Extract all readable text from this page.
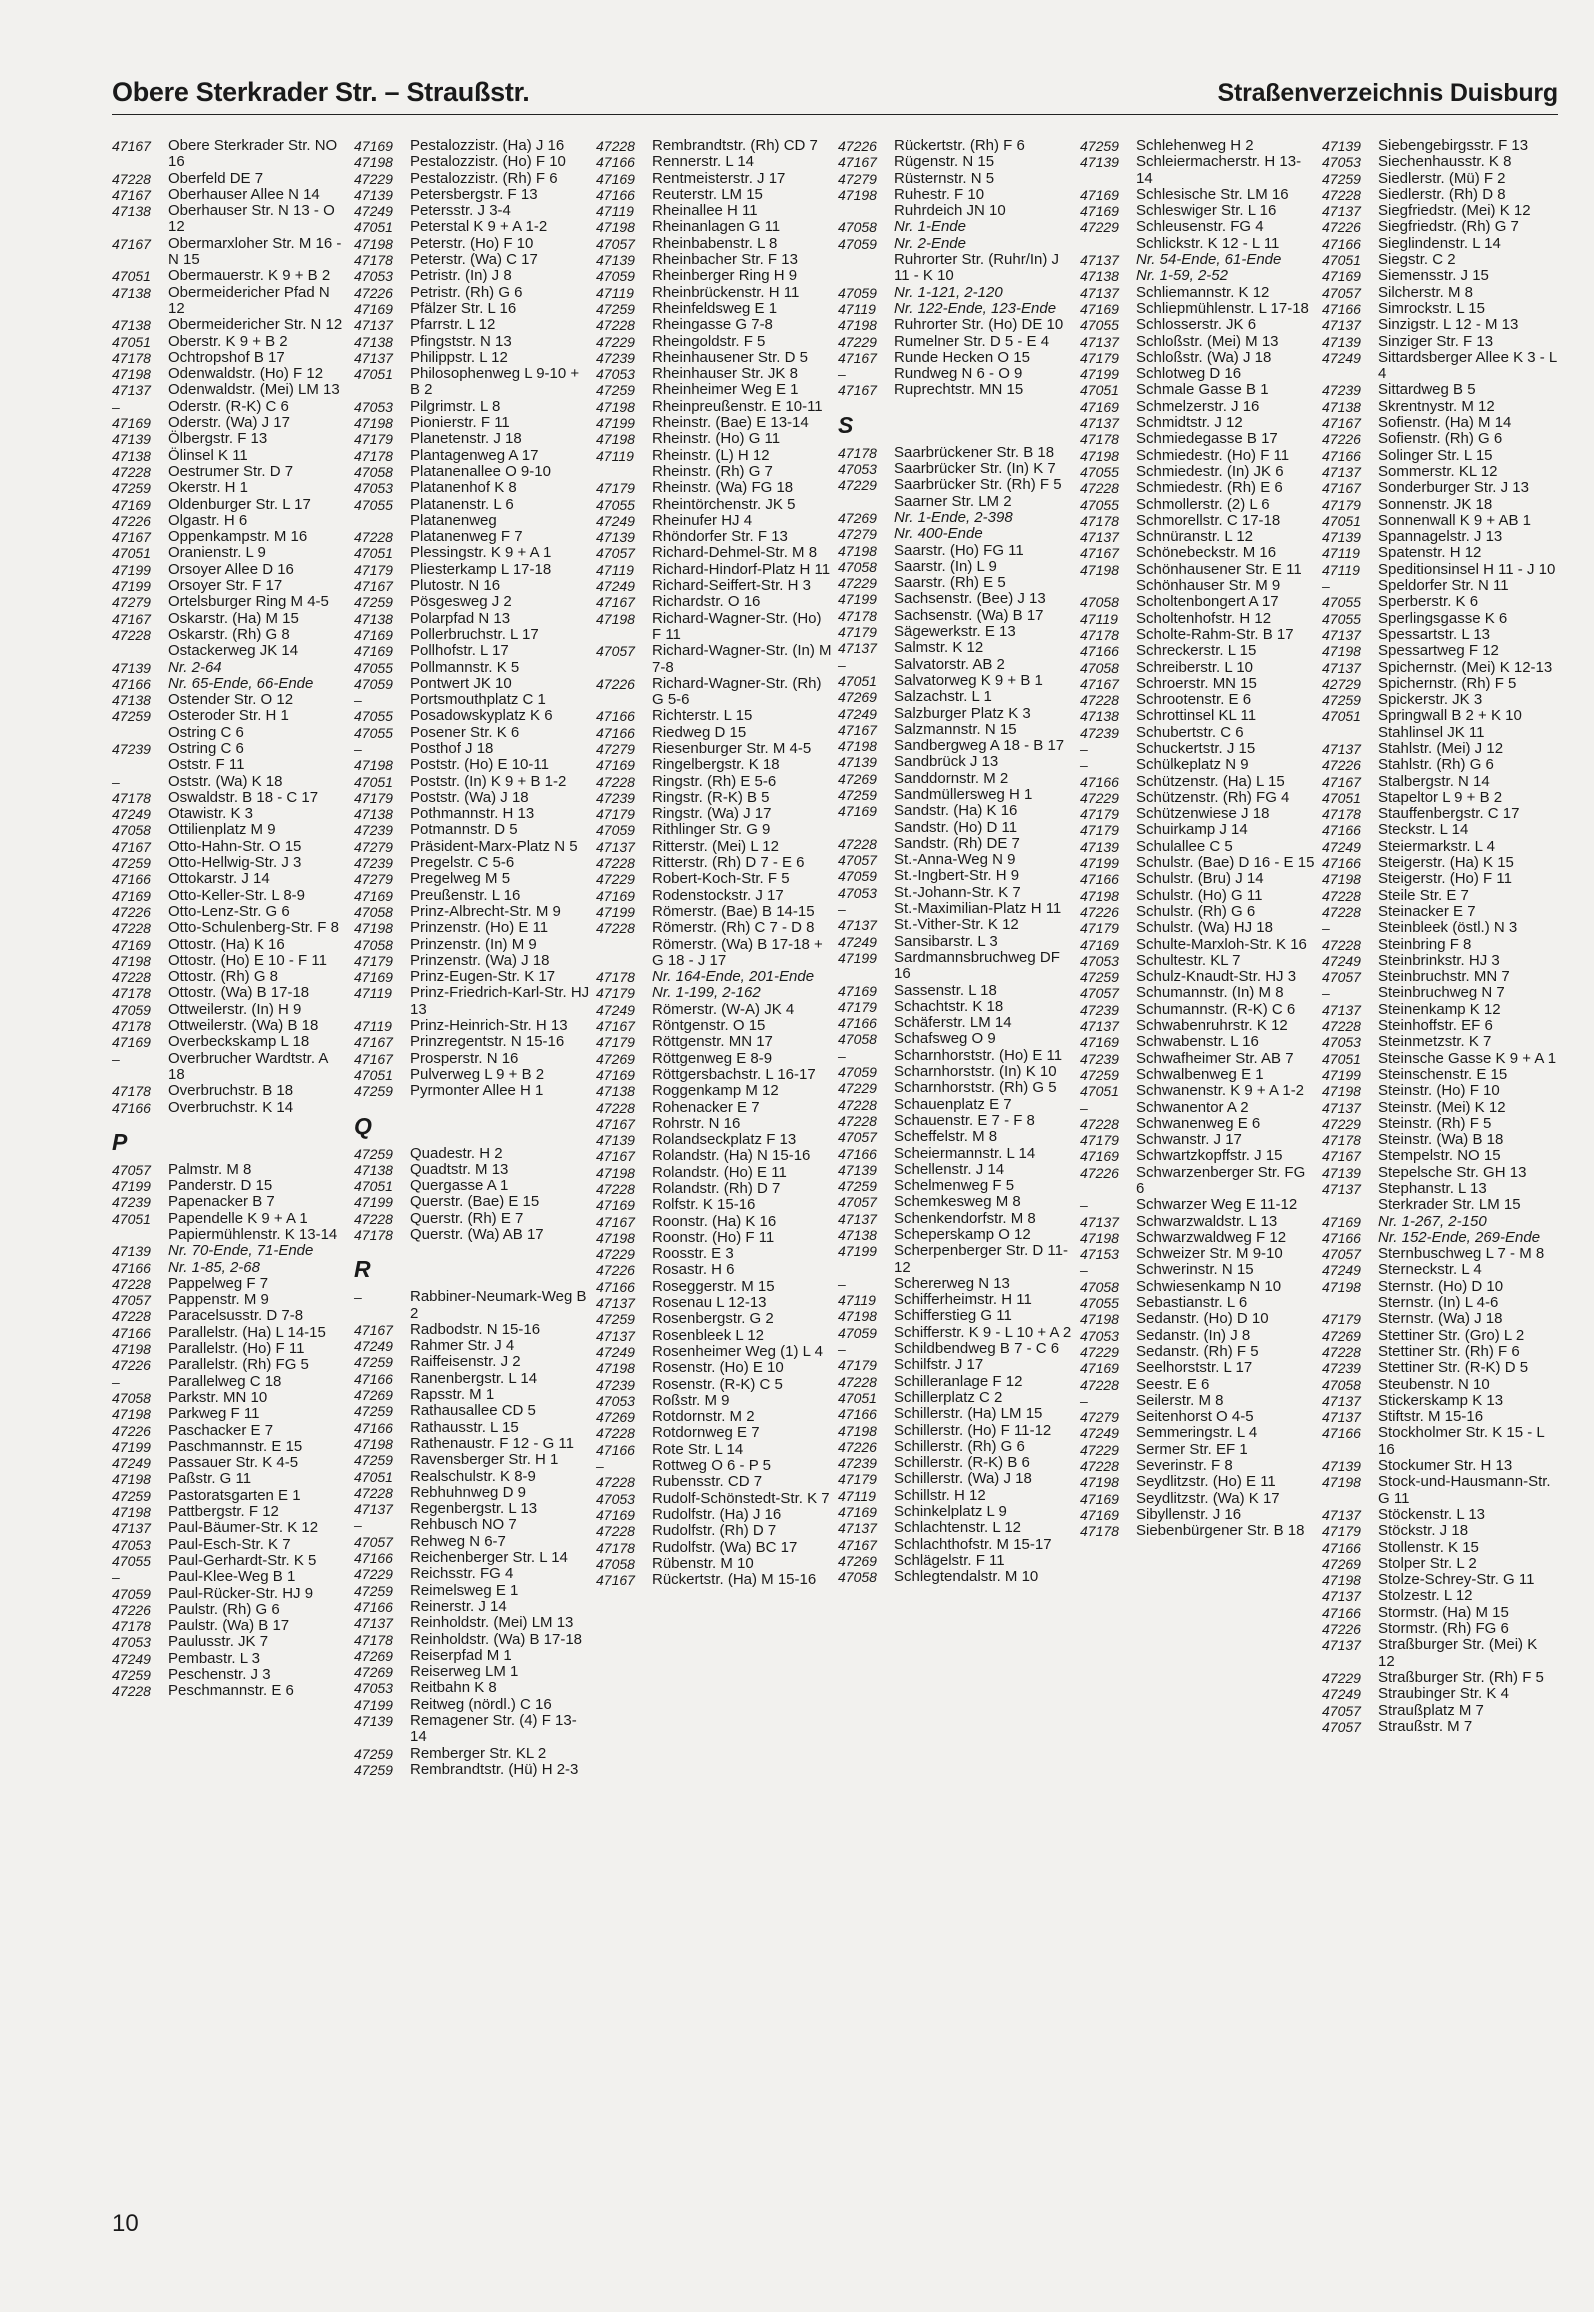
Obere Sterkrader Str. – Straußstr.	Straßenverzeichnis Duisburg
47167	Obere Sterkrader Str. NO 16
47228	Oberfeld DE 7
47167	Oberhauser Allee N 14
47138	Oberhauser Str. N 13 - O 12
47167	Obermarxloher Str. M 16 - N 15
47051	Obermauerstr. K 9 + B 2
47138	Obermeidericher Pfad N 12
47138	Obermeidericher Str. N 12
47051	Oberstr. K 9 + B 2
47178	Ochtropshof B 17
47198	Odenwaldstr. (Ho) F 12
47137	Odenwaldstr. (Mei) LM 13
–	Oderstr. (R-K) C 6
47169	Oderstr. (Wa) J 17
47139	Ölbergstr. F 13
47138	Ölinsel K 11
47228	Oestrumer Str. D 7
47259	Okerstr. H 1
47169	Oldenburger Str. L 17
47226	Olgastr. H 6
47167	Oppenkampstr. M 16
47051	Oranienstr. L 9
47199	Orsoyer Allee D 16
47199	Orsoyer Str. F 17
47279	Ortelsburger Ring M 4-5
47167	Oskarstr. (Ha) M 15
47228	Oskarstr. (Rh) G 8
Ostackerweg JK 14
47139	Nr. 2-64
47166	Nr. 65-Ende, 66-Ende
47138	Ostender Str. O 12
47259	Osteroder Str. H 1
Ostring C 6
47239	Ostring C 6
Oststr. F 11
–	Oststr. (Wa) K 18
47178	Oswaldstr. B 18 - C 17
47249	Otawistr. K 3
47058	Ottilienplatz M 9
47167	Otto-Hahn-Str. O 15
47259	Otto-Hellwig-Str. J 3
47166	Ottokarstr. J 14
47169	Otto-Keller-Str. L 8-9
47226	Otto-Lenz-Str. G 6
47228	Otto-Schulenberg-Str. F 8
47169	Ottostr. (Ha) K 16
47198	Ottostr. (Ho) E 10 - F 11
47228	Ottostr. (Rh) G 8
47178	Ottostr. (Wa) B 17-18
47059	Ottweilerstr. (In) H 9
47178	Ottweilerstr. (Wa) B 18
47169	Overbeckskamp L 18
–	Overbrucher Wardtstr. A 18
47178	Overbruchstr. B 18
47166	Overbruchstr. K 14
P
47057	Palmstr. M 8
47199	Panderstr. D 15
47239	Papenacker B 7
47051	Papendelle K 9 + A 1
Papiermühlenstr. K 13-14
47139	Nr. 70-Ende, 71-Ende
47166	Nr. 1-85, 2-68
47228	Pappelweg F 7
47057	Pappenstr. M 9
47228	Paracelsusstr. D 7-8
47166	Parallelstr. (Ha) L 14-15
47198	Parallelstr. (Ho) F 11
47226	Parallelstr. (Rh) FG 5
–	Parallelweg C 18
47058	Parkstr. MN 10
47198	Parkweg F 11
47226	Paschacker E 7
47199	Paschmannstr. E 15
47249	Passauer Str. K 4-5
47198	Paßstr. G 11
47259	Pastoratsgarten E 1
47198	Pattbergstr. F 12
47137	Paul-Bäumer-Str. K 12
47053	Paul-Esch-Str. K 7
47055	Paul-Gerhardt-Str. K 5
–	Paul-Klee-Weg B 1
47059	Paul-Rücker-Str. HJ 9
47226	Paulstr. (Rh) G 6
47178	Paulstr. (Wa) B 17
47053	Paulusstr. JK 7
47249	Pembastr. L 3
47259	Peschenstr. J 3
47228	Peschmannstr. E 6
47169	Pestalozzistr. (Ha) J 16
47198	Pestalozzistr. (Ho) F 10
47229	Pestalozzistr. (Rh) F 6
47139	Petersbergstr. F 13
47249	Petersstr. J 3-4
47051	Peterstal K 9 + A 1-2
47198	Peterstr. (Ho) F 10
47178	Peterstr. (Wa) C 17
47053	Petristr. (In) J 8
47226	Petristr. (Rh) G 6
47169	Pfälzer Str. L 16
47137	Pfarrstr. L 12
47138	Pfingststr. N 13
47137	Philippstr. L 12
47051	Philosophenweg L 9-10 + B 2
47053	Pilgrimstr. L 8
47198	Pionierstr. F 11
47179	Planetenstr. J 18
47178	Plantagenweg A 17
47058	Platanenallee O 9-10
47053	Platanenhof K 8
47055	Platanenstr. L 6
Platanenweg
47228	Platanenweg F 7
47051	Plessingstr. K 9 + A 1
47179	Pliesterkamp L 17-18
47167	Plutostr. N 16
47259	Pösgesweg J 2
47138	Polarpfad N 13
47169	Pollerbruchstr. L 17
47169	Pollhofstr. L 17
47055	Pollmannstr. K 5
47059	Pontwert JK 10
–	Portsmouthplatz C 1
47055	Posadowskyplatz K 6
47055	Posener Str. K 6
–	Posthof J 18
47198	Poststr. (Ho) E 10-11
47051	Poststr. (In) K 9 + B 1-2
47179	Poststr. (Wa) J 18
47138	Pothmannstr. H 13
47239	Potmannstr. D 5
47279	Präsident-Marx-Platz N 5
47239	Pregelstr. C 5-6
47279	Pregelweg M 5
47169	Preußenstr. L 16
47058	Prinz-Albrecht-Str. M 9
47198	Prinzenstr. (Ho) E 11
47058	Prinzenstr. (In) M 9
47179	Prinzenstr. (Wa) J 18
47169	Prinz-Eugen-Str. K 17
47119	Prinz-Friedrich-Karl-Str. HJ 13
47119	Prinz-Heinrich-Str. H 13
47167	Prinzregentstr. N 15-16
47167	Prosperstr. N 16
47051	Pulverweg L 9 + B 2
47259	Pyrmonter Allee H 1
Q
47259	Quadestr. H 2
47138	Quadtstr. M 13
47051	Quergasse A 1
47199	Querstr. (Bae) E 15
47228	Querstr. (Rh) E 7
47178	Querstr. (Wa) AB 17
R
–	Rabbiner-Neumark-Weg B 2
47167	Radbodstr. N 15-16
47249	Rahmer Str. J 4
47259	Raiffeisenstr. J 2
47166	Ranenbergstr. L 14
47269	Rapsstr. M 1
47259	Rathausallee CD 5
47166	Rathausstr. L 15
47198	Rathenaustr. F 12 - G 11
47259	Ravensberger Str. H 1
47051	Realschulstr. K 8-9
47228	Rebhuhnweg D 9
47137	Regenbergstr. L 13
–	Rehbusch NO 7
47057	Rehweg N 6-7
47166	Reichenberger Str. L 14
47229	Reichsstr. FG 4
47259	Reimelsweg E 1
47166	Reinerstr. J 14
47137	Reinholdstr. (Mei) LM 13
47178	Reinholdstr. (Wa) B 17-18
47269	Reiserpfad M 1
47269	Reiserweg LM 1
47053	Reitbahn K 8
47199	Reitweg (nördl.) C 16
47139	Remagener Str. (4) F 13-14
47259	Remberger Str. KL 2
47259	Rembrandtstr. (Hü) H 2-3
47228	Rembrandtstr. (Rh) CD 7
47166	Rennerstr. L 14
47169	Rentmeisterstr. J 17
47166	Reuterstr. LM 15
47119	Rheinallee H 11
47198	Rheinanlagen G 11
47057	Rheinbabenstr. L 8
47139	Rheinbacher Str. F 13
47059	Rheinberger Ring H 9
47119	Rheinbrückenstr. H 11
47259	Rheinfeldsweg E 1
47228	Rheingasse G 7-8
47229	Rheingoldstr. F 5
47239	Rheinhausener Str. D 5
47053	Rheinhauser Str. JK 8
47259	Rheinheimer Weg E 1
47198	Rheinpreußenstr. E 10-11
47199	Rheinstr. (Bae) E 13-14
47198	Rheinstr. (Ho) G 11
47119	Rheinstr. (L) H 12
Rheinstr. (Rh) G 7
47179	Rheinstr. (Wa) FG 18
47055	Rheintörchenstr. JK 5
47249	Rheinufer HJ 4
47139	Rhöndorfer Str. F 13
47057	Richard-Dehmel-Str. M 8
47119	Richard-Hindorf-Platz H 11
47249	Richard-Seiffert-Str. H 3
47167	Richardstr. O 16
47198	Richard-Wagner-Str. (Ho) F 11
47057	Richard-Wagner-Str. (In) M 7-8
47226	Richard-Wagner-Str. (Rh) G 5-6
47166	Richterstr. L 15
47166	Riedweg D 15
47279	Riesenburger Str. M 4-5
47169	Ringelbergstr. K 18
47228	Ringstr. (Rh) E 5-6
47239	Ringstr. (R-K) B 5
47179	Ringstr. (Wa) J 17
47059	Rithlinger Str. G 9
47137	Ritterstr. (Mei) L 12
47228	Ritterstr. (Rh) D 7 - E 6
47229	Robert-Koch-Str. F 5
47169	Rodenstockstr. J 17
47199	Römerstr. (Bae) B 14-15
47228	Römerstr. (Rh) C 7 - D 8
Römerstr. (Wa) B 17-18 + G 18 - J 17
47178	Nr. 164-Ende, 201-Ende
47179	Nr. 1-199, 2-162
47249	Römerstr. (W-A) JK 4
47167	Röntgenstr. O 15
47179	Röttgenstr. MN 17
47269	Röttgenweg E 8-9
47169	Röttgersbachstr. L 16-17
47138	Roggenkamp M 12
47228	Rohenacker E 7
47167	Rohrstr. N 16
47139	Rolandseckplatz F 13
47167	Rolandstr. (Ha) N 15-16
47198	Rolandstr. (Ho) E 11
47228	Rolandstr. (Rh) D 7
47169	Rolfstr. K 15-16
47167	Roonstr. (Ha) K 16
47198	Roonstr. (Ho) F 11
47229	Roosstr. E 3
47226	Rosastr. H 6
47166	Roseggerstr. M 15
47137	Rosenau L 12-13
47259	Rosenbergstr. G 2
47137	Rosenbleek L 12
47249	Rosenheimer Weg (1) L 4
47198	Rosenstr. (Ho) E 10
47239	Rosenstr. (R-K) C 5
47053	Roßstr. M 9
47269	Rotdornstr. M 2
47228	Rotdornweg E 7
47166	Rote Str. L 14
–	Rottweg O 6 - P 5
47228	Rubensstr. CD 7
47053	Rudolf-Schönstedt-Str. K 7
47169	Rudolfstr. (Ha) J 16
47228	Rudolfstr. (Rh) D 7
47178	Rudolfstr. (Wa) BC 17
47058	Rübenstr. M 10
47167	Rückertstr. (Ha) M 15-16
47226	Rückertstr. (Rh) F 6
47167	Rügenstr. N 15
47279	Rüsternstr. N 5
47198	Ruhestr. F 10
Ruhrdeich JN 10
47058	Nr. 1-Ende
47059	Nr. 2-Ende
Ruhrorter Str. (Ruhr/In) J 11 - K 10
47059	Nr. 1-121, 2-120
47119	Nr. 122-Ende, 123-Ende
47198	Ruhrorter Str. (Ho) DE 10
47229	Rumelner Str. D 5 - E 4
47167	Runde Hecken O 15
–	Rundweg N 6 - O 9
47167	Ruprechtstr. MN 15
S
47178	Saarbrückener Str. B 18
47053	Saarbrücker Str. (In) K 7
47229	Saarbrücker Str. (Rh) F 5
Saarner Str. LM 2
47269	Nr. 1-Ende, 2-398
47279	Nr. 400-Ende
47198	Saarstr. (Ho) FG 11
47058	Saarstr. (In) L 9
47229	Saarstr. (Rh) E 5
47199	Sachsenstr. (Bee) J 13
47178	Sachsenstr. (Wa) B 17
47179	Sägewerkstr. E 13
47137	Salmstr. K 12
–	Salvatorstr. AB 2
47051	Salvatorweg K 9 + B 1
47269	Salzachstr. L 1
47249	Salzburger Platz K 3
47167	Salzmannstr. N 15
47198	Sandbergweg A 18 - B 17
47139	Sandbrück J 13
47269	Sanddornstr. M 2
47259	Sandmüllersweg H 1
47169	Sandstr. (Ha) K 16
Sandstr. (Ho) D 11
47228	Sandstr. (Rh) DE 7
47057	St.-Anna-Weg N 9
47059	St.-Ingbert-Str. H 9
47053	St.-Johann-Str. K 7
–	St.-Maximilian-Platz H 11
47137	St.-Vither-Str. K 12
47249	Sansibarstr. L 3
47199	Sardmannsbruchweg DF 16
47169	Sassenstr. L 18
47179	Schachtstr. K 18
47166	Schäferstr. LM 14
47058	Schafsweg O 9
–	Scharnhorststr. (Ho) E 11
47059	Scharnhorststr. (In) K 10
47229	Scharnhorststr. (Rh) G 5
47228	Schauenplatz E 7
47228	Schauenstr. E 7 - F 8
47057	Scheffelstr. M 8
47166	Scheiermannstr. L 14
47139	Schellenstr. J 14
47259	Schelmenweg F 5
47057	Schemkesweg M 8
47137	Schenkendorfstr. M 8
47138	Scheperskamp O 12
47199	Scherpenberger Str. D 11-12
–	Schererweg N 13
47119	Schifferheimstr. H 11
47198	Schifferstieg G 11
47059	Schifferstr. K 9 - L 10 + A 2
–	Schildbendweg B 7 - C 6
47179	Schilfstr. J 17
47228	Schilleranlage F 12
47051	Schillerplatz C 2
47166	Schillerstr. (Ha) LM 15
47198	Schillerstr. (Ho) F 11-12
47226	Schillerstr. (Rh) G 6
47239	Schillerstr. (R-K) B 6
47179	Schillerstr. (Wa) J 18
47119	Schillstr. H 12
47169	Schinkelplatz L 9
47137	Schlachtenstr. L 12
47167	Schlachthofstr. M 15-17
47269	Schlägelstr. F 11
47058	Schlegtendalstr. M 10
47259	Schlehenweg H 2
47139	Schleiermacherstr. H 13-14
47169	Schlesische Str. LM 16
47169	Schleswiger Str. L 16
47229	Schleusenstr. FG 4
Schlickstr. K 12 - L 11
47137	Nr. 54-Ende, 61-Ende
47138	Nr. 1-59, 2-52
47137	Schliemannstr. K 12
47169	Schliepmühlenstr. L 17-18
47055	Schlosserstr. JK 6
47137	Schloßstr. (Mei) M 13
47179	Schloßstr. (Wa) J 18
47199	Schlotweg D 16
47051	Schmale Gasse B 1
47169	Schmelzerstr. J 16
47137	Schmidtstr. J 12
47178	Schmiedegasse B 17
47198	Schmiedestr. (Ho) F 11
47055	Schmiedestr. (In) JK 6
47228	Schmiedestr. (Rh) E 6
47055	Schmollerstr. (2) L 6
47178	Schmorellstr. C 17-18
47137	Schnüranstr. L 12
47167	Schönebeckstr. M 16
47198	Schönhausener Str. E 11
Schönhauser Str. M 9
47058	Scholtenbongert A 17
47119	Scholtenhofstr. H 12
47178	Scholte-Rahm-Str. B 17
47166	Schreckerstr. L 15
47058	Schreiberstr. L 10
47167	Schroerstr. MN 15
47228	Schrootenstr. E 6
47138	Schrottinsel KL 11
47239	Schubertstr. C 6
–	Schuckertstr. J 15
–	Schülkeplatz N 9
47166	Schützenstr. (Ha) L 15
47229	Schützenstr. (Rh) FG 4
47179	Schützenwiese J 18
47179	Schuirkamp J 14
47139	Schulallee C 5
47199	Schulstr. (Bae) D 16 - E 15
47166	Schulstr. (Bru) J 14
47198	Schulstr. (Ho) G 11
47226	Schulstr. (Rh) G 6
47179	Schulstr. (Wa) HJ 18
47169	Schulte-Marxloh-Str. K 16
47053	Schultestr. KL 7
47259	Schulz-Knaudt-Str. HJ 3
47057	Schumannstr. (In) M 8
47239	Schumannstr. (R-K) C 6
47137	Schwabenruhrstr. K 12
47169	Schwabenstr. L 16
47239	Schwafheimer Str. AB 7
47259	Schwalbenweg E 1
47051	Schwanenstr. K 9 + A 1-2
–	Schwanentor A 2
47228	Schwanenweg E 6
47179	Schwanstr. J 17
47169	Schwartzkopffstr. J 15
47226	Schwarzenberger Str. FG 6
–	Schwarzer Weg E 11-12
47137	Schwarzwaldstr. L 13
47198	Schwarzwaldweg F 12
47153	Schweizer Str. M 9-10
–	Schwerinstr. N 15
47058	Schwiesenkamp N 10
47055	Sebastianstr. L 6
47198	Sedanstr. (Ho) D 10
47053	Sedanstr. (In) J 8
47229	Sedanstr. (Rh) F 5
47169	Seelhorststr. L 17
47228	Seestr. E 6
–	Seilerstr. M 8
47279	Seitenhorst O 4-5
47249	Semmeringstr. L 4
47229	Sermer Str. EF 1
47228	Severinstr. F 8
47198	Seydlitzstr. (Ho) E 11
47169	Seydlitzstr. (Wa) K 17
47169	Sibyllenstr. J 16
47178	Siebenbürgener Str. B 18
47139	Siebengebirgsstr. F 13
47053	Siechenhausstr. K 8
47259	Siedlerstr. (Mü) F 2
47228	Siedlerstr. (Rh) D 8
47137	Siegfriedstr. (Mei) K 12
47226	Siegfriedstr. (Rh) G 7
47166	Sieglindenstr. L 14
47051	Siegstr. C 2
47169	Siemensstr. J 15
47057	Silcherstr. M 8
47166	Simrockstr. L 15
47137	Sinzigstr. L 12 - M 13
47139	Sinziger Str. F 13
47249	Sittardsberger Allee K 3 - L 4
47239	Sittardweg B 5
47138	Skrentnystr. M 12
47167	Sofienstr. (Ha) M 14
47226	Sofienstr. (Rh) G 6
47166	Solinger Str. L 15
47137	Sommerstr. KL 12
47167	Sonderburger Str. J 13
47179	Sonnenstr. JK 18
47051	Sonnenwall K 9 + AB 1
47139	Spannagelstr. J 13
47119	Spatenstr. H 12
47119	Speditionsinsel H 11 - J 10
–	Speldorfer Str. N 11
47055	Sperberstr. K 6
47055	Sperlingsgasse K 6
47137	Spessartstr. L 13
47198	Spessartweg F 12
47137	Spichernstr. (Mei) K 12-13
42729	Spichernstr. (Rh) F 5
47259	Spickerstr. JK 3
47051	Springwall B 2 + K 10
Stahlinsel JK 11
47137	Stahlstr. (Mei) J 12
47226	Stahlstr. (Rh) G 6
47167	Stalbergstr. N 14
47051	Stapeltor L 9 + B 2
47178	Stauffenbergstr. C 17
47166	Steckstr. L 14
47249	Steiermarkstr. L 4
47166	Steigerstr. (Ha) K 15
47198	Steigerstr. (Ho) F 11
47228	Steile Str. E 7
47228	Steinacker E 7
–	Steinbleek (östl.) N 3
47228	Steinbring F 8
47249	Steinbrinkstr. HJ 3
47057	Steinbruchstr. MN 7
–	Steinbruchweg N 7
47137	Steinenkamp K 12
47228	Steinhoffstr. EF 6
47053	Steinmetzstr. K 7
47051	Steinsche Gasse K 9 + A 1
47199	Steinschenstr. E 15
47198	Steinstr. (Ho) F 10
47137	Steinstr. (Mei) K 12
47229	Steinstr. (Rh) F 5
47178	Steinstr. (Wa) B 18
47167	Stempelstr. NO 15
47139	Stepelsche Str. GH 13
47137	Stephanstr. L 13
Sterkrader Str. LM 15
47169	Nr. 1-267, 2-150
47166	Nr. 152-Ende, 269-Ende
47057	Sternbuschweg L 7 - M 8
47249	Sterneckstr. L 4
47198	Sternstr. (Ho) D 10
Sternstr. (In) L 4-6
47179	Sternstr. (Wa) J 18
47269	Stettiner Str. (Gro) L 2
47228	Stettiner Str. (Rh) F 6
47239	Stettiner Str. (R-K) D 5
47058	Steubenstr. N 10
47137	Stickerskamp K 13
47137	Stiftstr. M 15-16
47166	Stockholmer Str. K 15 - L 16
47139	Stockumer Str. H 13
47198	Stock-und-Hausmann-Str. G 11
47137	Stöckenstr. L 13
47179	Stöckstr. J 18
47166	Stollenstr. K 15
47269	Stolper Str. L 2
47198	Stolze-Schrey-Str. G 11
47137	Stolzestr. L 12
47166	Stormstr. (Ha) M 15
47226	Stormstr. (Rh) FG 6
47137	Straßburger Str. (Mei) K 12
47229	Straßburger Str. (Rh) F 5
47249	Straubinger Str. K 4
47057	Straußplatz M 7
47057	Straußstr. M 7
10
